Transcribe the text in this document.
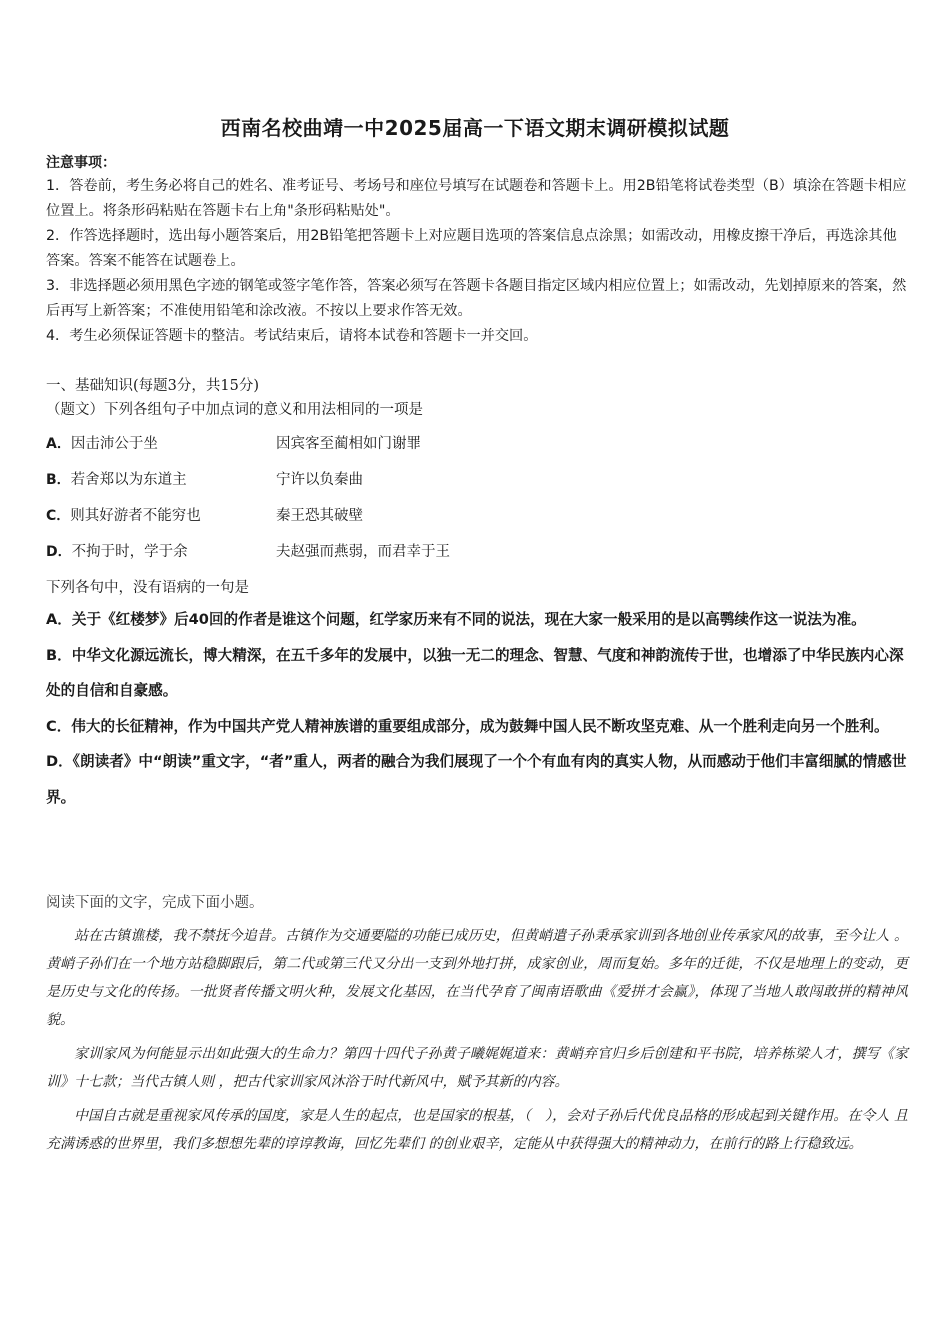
西南名校曲靖一中2025届高一下语文期末调研模拟试题
注意事项：

1．答卷前，考生务必将自己的姓名、准考证号、考场号和座位号填写在试题卷和答题卡上。用2B铅笔将试卷类型（B）填涂在答题卡相应位置上。将条形码粘贴在答题卡右上角"条形码粘贴处"。

2．作答选择题时，选出每小题答案后，用2B铅笔把答题卡上对应题目选项的答案信息点涂黑；如需改动，用橡皮擦干净后，再选涂其他答案。答案不能答在试题卷上。

3．非选择题必须用黑色字迹的钢笔或签字笔作答，答案必须写在答题卡各题目指定区域内相应位置上；如需改动，先划掉原来的答案，然后再写上新答案；不准使用铅笔和涂改液。不按以上要求作答无效。

4．考生必须保证答题卡的整洁。考试结束后，请将本试卷和答题卡一并交回。

一、基础知识(每题3分，共15分)
（题文）下列各组句子中加点词的意义和用法相同的一项是
A．因击沛公于坐	因宾客至蔺相如门谢罪
B．若舍郑以为东道主	宁许以负秦曲
C．则其好游者不能穷也	秦王恐其破壁
D．不拘于时，学于余	夫赵强而燕弱，而君幸于王
下列各句中，没有语病的一句是

A．关于《红楼梦》后40回的作者是谁这个问题，红学家历来有不同的说法，现在大家一般采用的是以高鹗续作这一说法为准。

B．中华文化源远流长，博大精深，在五千多年的发展中，以独一无二的理念、智慧、气度和神韵流传于世，也增添了中华民族内心深处的自信和自豪感。

C．伟大的长征精神，作为中国共产党人精神族谱的重要组成部分，成为鼓舞中国人民不断攻坚克难、从一个胜利走向另一个胜利。

D．《朗读者》中“朗读”重文字，“者”重人，两者的融合为我们展现了一个个有血有肉的真实人物，从而感动于他们丰富细腻的情感世界。

阅读下面的文字，完成下面小题。

站在古镇谯楼，我不禁抚今追昔。古镇作为交通要隘的功能已成历史，但黄峭遣子孙秉承家训到各地创业传承家风的故事，至今让人 。黄峭子孙们在一个地方站稳脚跟后，第二代或第三代又分出一支到外地打拼，成家创业，周而复始。多年的迁徙，不仅是地理上的变动，更是历史与文化的传扬。一批贤者传播文明火种，发展文化基因，在当代孕育了闽南语歌曲《爱拼才会赢》，体现了当地人敢闯敢拼的精神风貌。

家训家风为何能显示出如此强大的生命力？第四十四代子孙黄子曦娓娓道来：黄峭弃官归乡后创建和平书院，培养栋梁人才，撰写《家训》十七款；当代古镇人则 ，把古代家训家风沐浴于时代新风中，赋予其新的内容。

中国自古就是重视家风传承的国度，家是人生的起点，也是国家的根基，（　），会对子孙后代优良品格的形成起到关键作用。在令人 且充满诱惑的世界里，我们多想想先辈的谆谆教诲，回忆先辈们 的创业艰辛，定能从中获得强大的精神动力，在前行的路上行稳致远。
